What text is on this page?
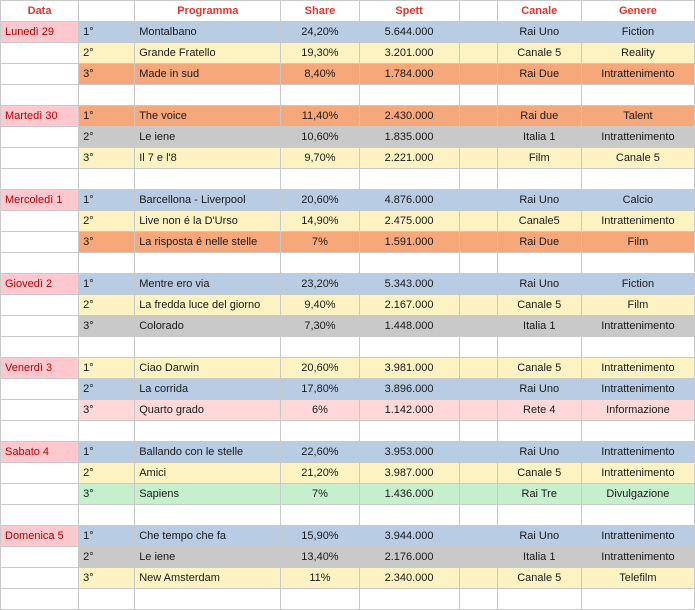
Data		Programma	Share	Spett		Canale	Genere
Lunedì 29	1°	Montalbano	24,20%	5.644.000		Rai Uno	Fiction
	2°	Grande Fratello	19,30%	3.201.000		Canale 5	Reality
	3°	Made in sud	8,40%	1.784.000		Rai Due	Intrattenimento

Martedì 30	1°	The voice	11,40%	2.430.000		Rai due	Talent
	2°	Le iene	10,60%	1.835.000		Italia 1	Intrattenimento
	3°	Il 7 e l'8	9,70%	2.221.000		Film	Canale 5

Mercoledì 1	1°	Barcellona - Liverpool	20,60%	4.876.000		Rai Uno	Calcio
	2°	Live non é la D'Urso	14,90%	2.475.000		Canale5	Intrattenimento
	3°	La risposta é nelle stelle	7%	1.591.000		Rai Due	Film

Giovedì 2	1°	Mentre ero via	23,20%	5.343.000		Rai Uno	Fiction
	2°	La fredda luce del giorno	9,40%	2.167.000		Canale 5	Film
	3°	Colorado	7,30%	1.448.000		Italia 1	Intrattenimento

Venerdì 3	1°	Ciao Darwin	20,60%	3.981.000		Canale 5	Intrattenimento
	2°	La corrida	17,80%	3.896.000		Rai Uno	Intrattenimento
	3°	Quarto grado	6%	1.142.000		Rete 4	Informazione

Sabato 4	1°	Ballando con le stelle	22,60%	3.953.000		Rai Uno	Intrattenimento
	2°	Amici	21,20%	3.987.000		Canale 5	Intrattenimento
	3°	Sapiens	7%	1.436.000		Rai Tre	Divulgazione

Domenica 5	1°	Che tempo che fa	15,90%	3.944.000		Rai Uno	Intrattenimento
	2°	Le iene	13,40%	2.176.000		Italia 1	Intrattenimento
	3°	New Amsterdam	11%	2.340.000		Canale 5	Telefilm
